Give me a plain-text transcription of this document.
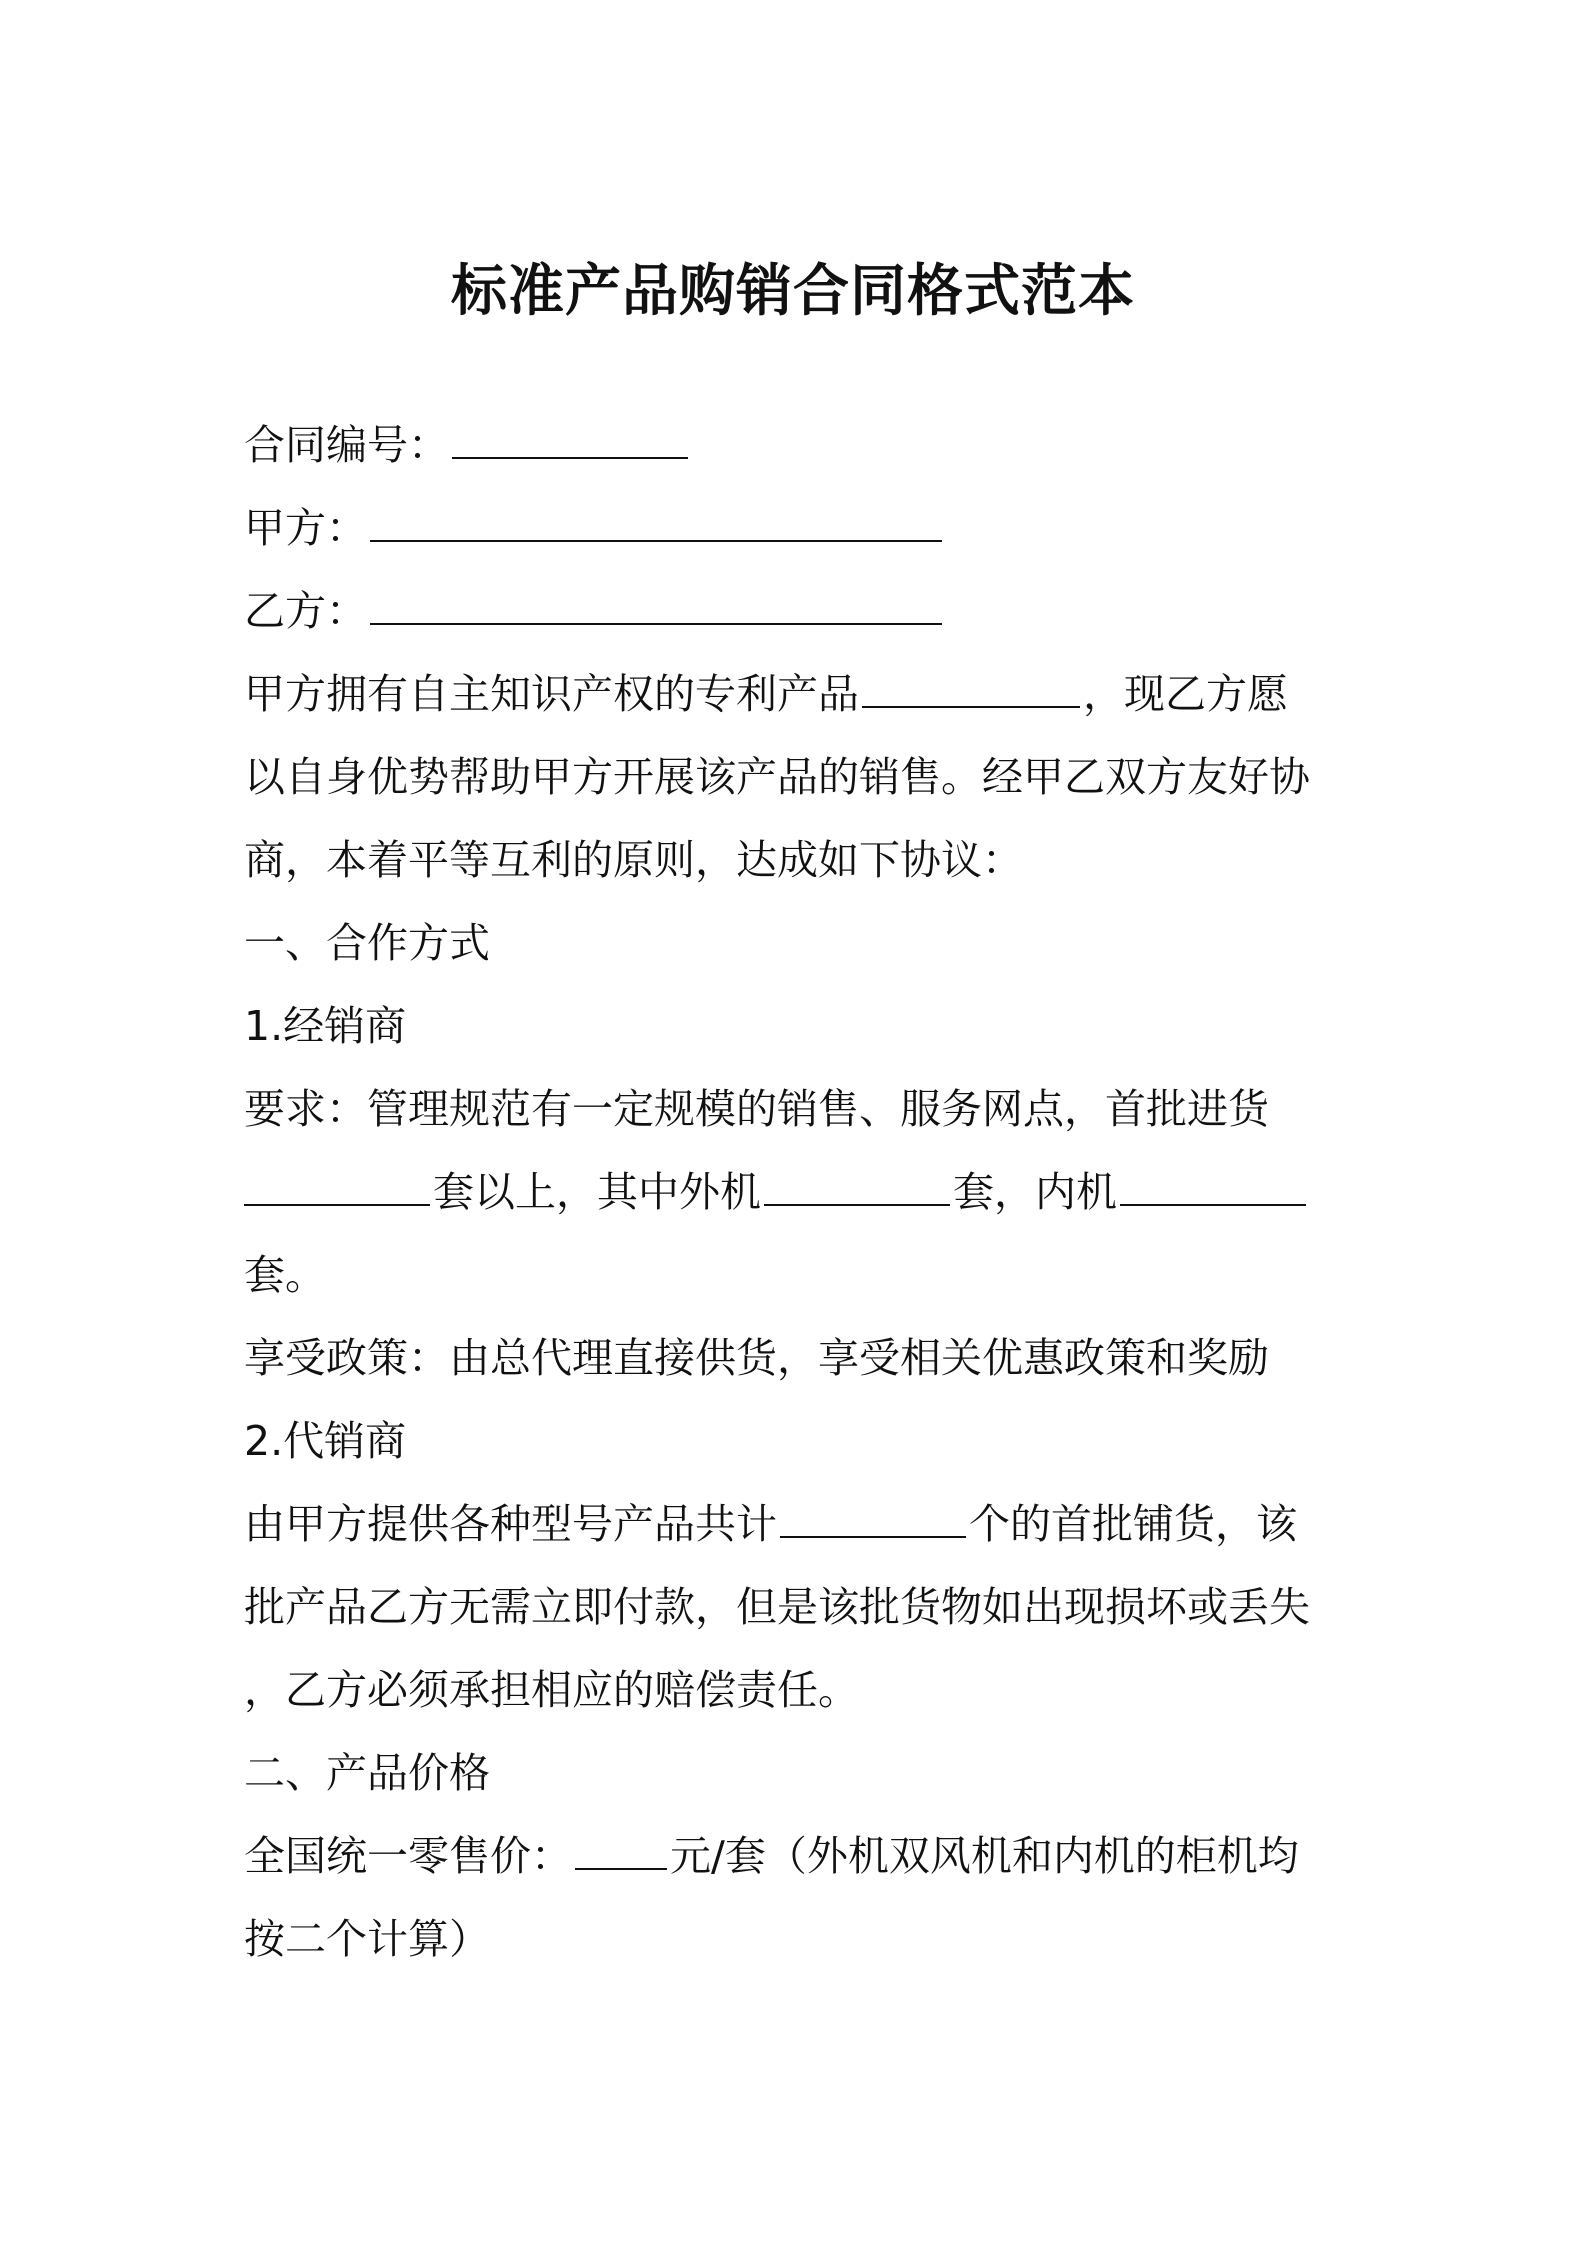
标准产品购销合同格式范本
合同编号：
甲方：
乙方：
甲方拥有自主知识产权的专利产品	，现乙方愿
以自身优势帮助甲方开展该产品的销售。经甲乙双方友好协
商，本着平等互利的原则，达成如下协议：
一、合作方式
1.经销商
要求：管理规范有一定规模的销售、服务网点，首批进货
套以上，其中外机	套，内机
套。
享受政策：由总代理直接供货，享受相关优惠政策和奖励
2.代销商
由甲方提供各种型号产品共计	个的首批铺货，该
批产品乙方无需立即付款，但是该批货物如出现损坏或丢失
，乙方必须承担相应的赔偿责任。
二、产品价格
全国统一零售价： 元/套（外机双风机和内机的柜机均
按二个计算）
